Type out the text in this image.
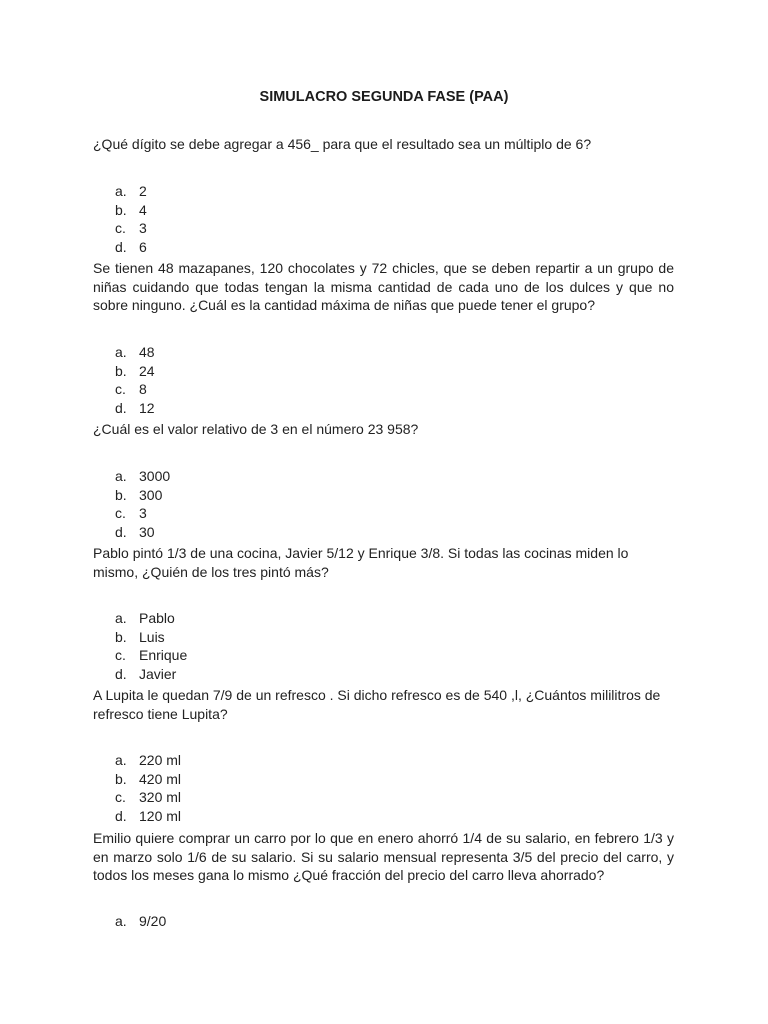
SIMULACRO SEGUNDA FASE (PAA)

¿Qué dígito se debe agregar a 456_ para que el resultado sea un múltiplo de 6?

a. 2
b. 4
c. 3
d. 6

Se tienen 48 mazapanes, 120 chocolates y 72 chicles, que se deben repartir a un grupo de niñas cuidando que todas tengan la misma cantidad de cada uno de los dulces y que no sobre ninguno. ¿Cuál es la cantidad máxima de niñas que puede tener el grupo?

a. 48
b. 24
c. 8
d. 12

¿Cuál es el valor relativo de 3 en el número 23 958?

a. 3000
b. 300
c. 3
d. 30

Pablo pintó 1/3 de una cocina, Javier 5/12 y Enrique 3/8. Si todas las cocinas miden lo mismo, ¿Quién de los tres pintó más?

a. Pablo
b. Luis
c. Enrique
d. Javier

A Lupita le quedan 7/9 de un refresco . Si dicho refresco es de 540 ,l, ¿Cuántos mililitros de refresco tiene Lupita?

a. 220 ml
b. 420 ml
c. 320 ml
d. 120 ml

Emilio quiere comprar un carro por lo que en enero ahorró 1/4 de su salario, en febrero 1/3 y en marzo solo 1/6 de su salario. Si su salario mensual representa 3/5 del precio del carro, y todos los meses gana lo mismo ¿Qué fracción del precio del carro lleva ahorrado?

a. 9/20
